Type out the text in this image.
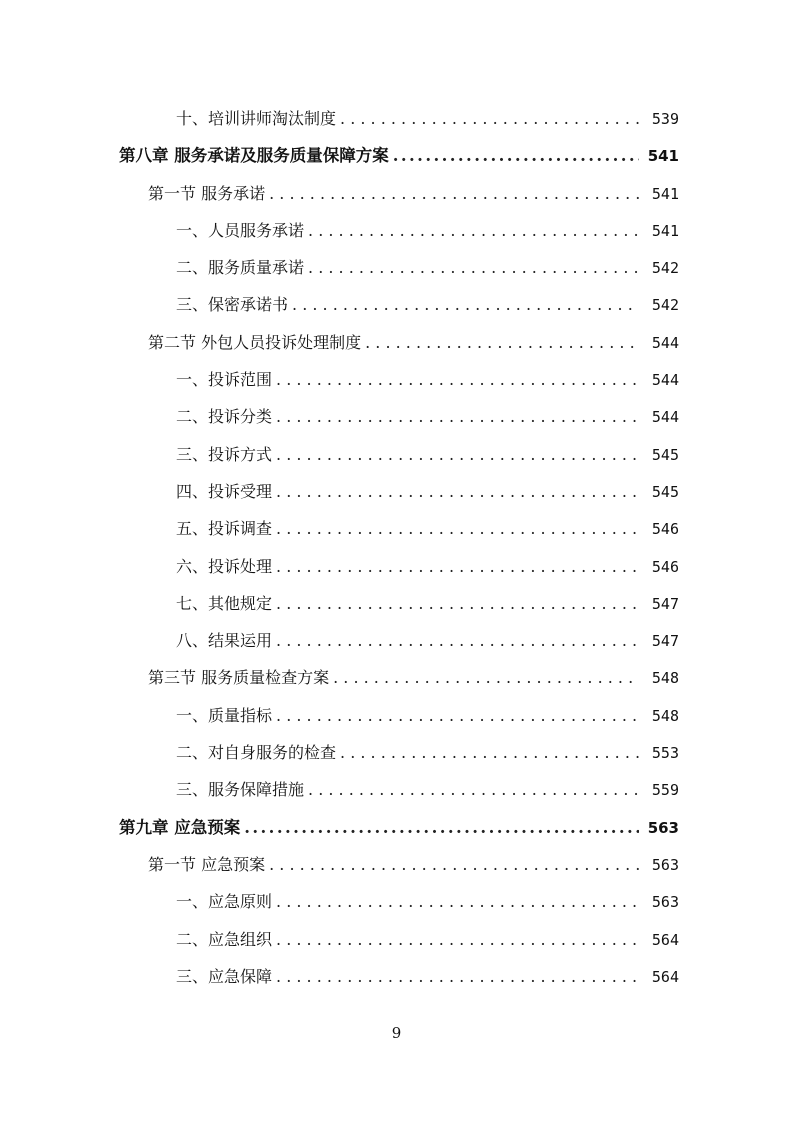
十、培训讲师淘汰制度 . . .	539
第八章 服务承诺及服务质量保障方案 .....	541
第一节 服务承诺 . . .	541
一、人员服务承诺 . . .	541
二、服务质量承诺 . . .	542
三、保密承诺书 . . .	542
第二节 外包人员投诉处理制度 . . .	544
一、投诉范围 . . .	544
二、投诉分类 . . .	544
三、投诉方式 . . .	545
四、投诉受理 . . .	545
五、投诉调查 . . .	546
六、投诉处理 . . .	546
七、其他规定 . . .	547
八、结果运用 . . .	547
第三节 服务质量检查方案 . . .	548
一、质量指标 . . .	548
二、对自身服务的检查 . . .	553
三、服务保障措施 . . .	559
第九章 应急预案 .....	563
第一节 应急预案 . . .	563
一、应急原则 . . .	563
二、应急组织 . . .	564
三、应急保障 . . .	564
9
